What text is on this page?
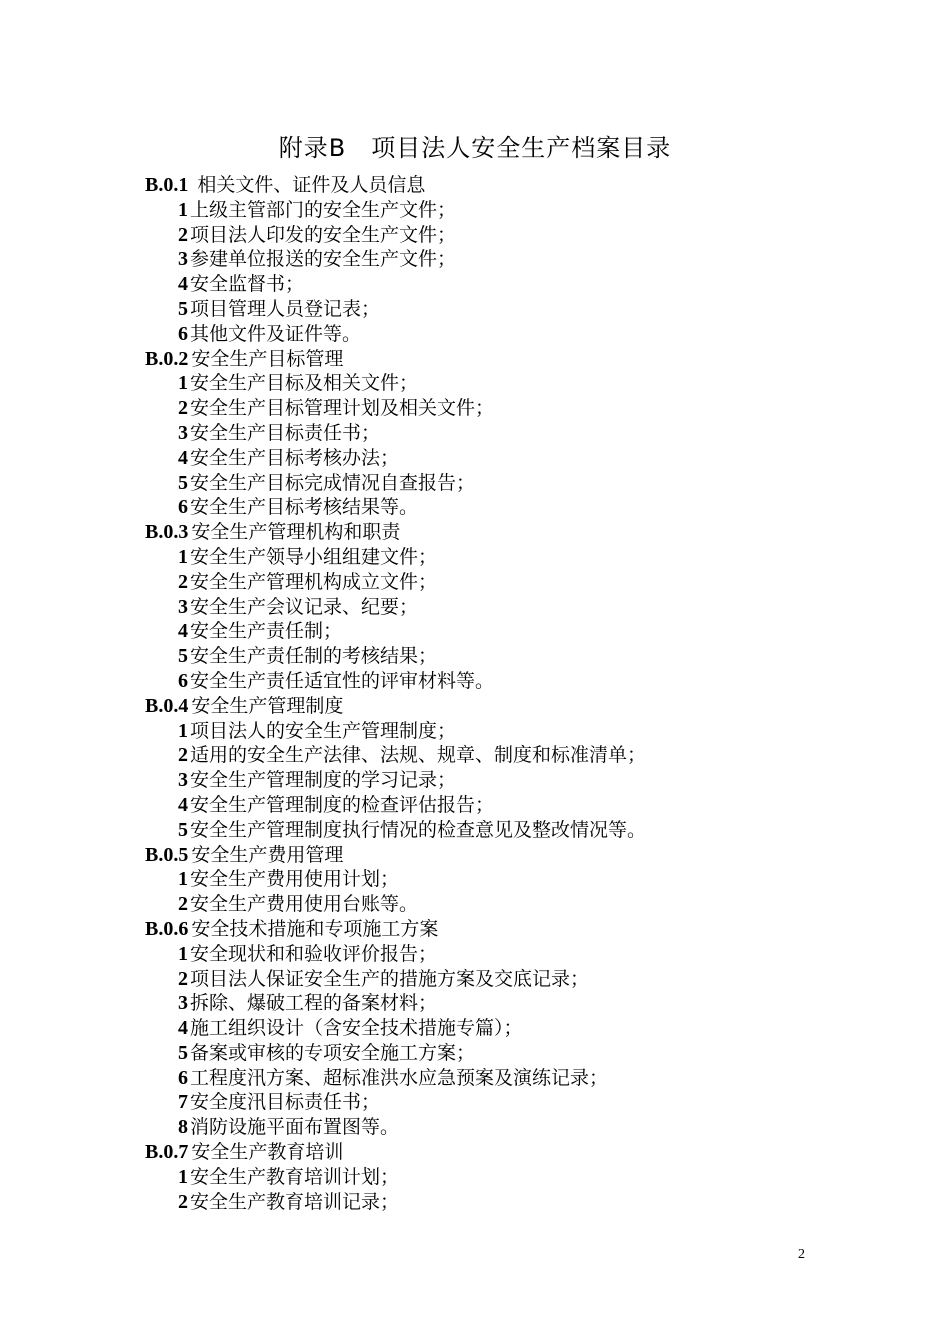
附录B　项目法人安全生产档案目录
B.0.1 相关文件、证件及人员信息
1 上级主管部门的安全生产文件；
2 项目法人印发的安全生产文件；
3 参建单位报送的安全生产文件；
4 安全监督书；
5 项目管理人员登记表；
6 其他文件及证件等。
B.0.2 安全生产目标管理
1 安全生产目标及相关文件；
2 安全生产目标管理计划及相关文件；
3 安全生产目标责任书；
4 安全生产目标考核办法；
5 安全生产目标完成情况自查报告；
6 安全生产目标考核结果等。
B.0.3 安全生产管理机构和职责
1 安全生产领导小组组建文件；
2 安全生产管理机构成立文件；
3 安全生产会议记录、纪要；
4 安全生产责任制；
5 安全生产责任制的考核结果；
6 安全生产责任适宜性的评审材料等。
B.0.4 安全生产管理制度
1 项目法人的安全生产管理制度；
2 适用的安全生产法律、法规、规章、制度和标准清单；
3 安全生产管理制度的学习记录；
4 安全生产管理制度的检查评估报告；
5 安全生产管理制度执行情况的检查意见及整改情况等。
B.0.5 安全生产费用管理
1 安全生产费用使用计划；
2 安全生产费用使用台账等。
B.0.6 安全技术措施和专项施工方案
1 安全现状和和验收评价报告；
2 项目法人保证安全生产的措施方案及交底记录；
3 拆除、爆破工程的备案材料；
4 施工组织设计（含安全技术措施专篇）；
5 备案或审核的专项安全施工方案；
6 工程度汛方案、超标准洪水应急预案及演练记录；
7 安全度汛目标责任书；
8 消防设施平面布置图等。
B.0.7 安全生产教育培训
1 安全生产教育培训计划；
2 安全生产教育培训记录；
2
